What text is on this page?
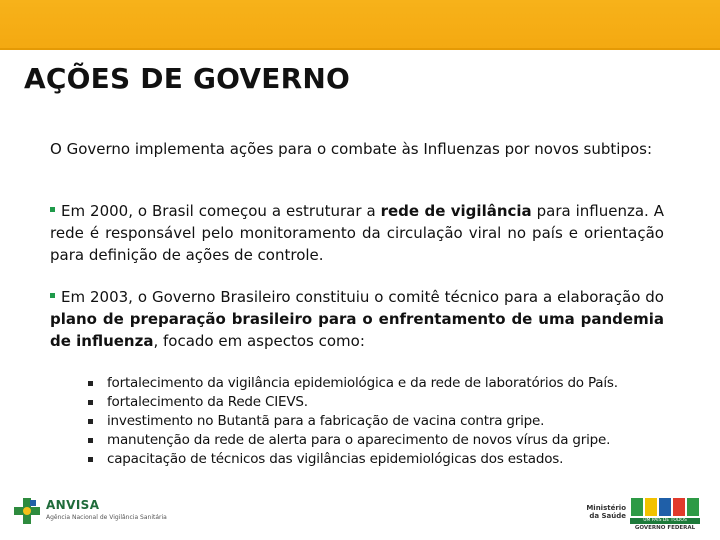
AÇÕES DE GOVERNO
O Governo implementa ações para o combate às Influenzas por novos subtipos:
Em 2000, o Brasil começou a estruturar a rede de vigilância para influenza. A rede é responsável pelo monitoramento da circulação viral no país e orientação para definição de ações de controle.
Em 2003, o Governo Brasileiro constituiu o comitê técnico para a elaboração do plano de preparação brasileiro para o enfrentamento de uma pandemia de influenza, focado em aspectos como:
fortalecimento da vigilância epidemiológica e da rede de laboratórios do País.
fortalecimento da Rede CIEVS.
investimento no Butantã para a fabricação de vacina contra gripe.
manutenção da rede de alerta para o aparecimento de novos vírus da gripe.
capacitação de técnicos das vigilâncias epidemiológicas dos estados.
ANVISA
Agência Nacional de Vigilância Sanitária
Ministério
da Saúde
UM PAÍS DE TODOS
GOVERNO FEDERAL
